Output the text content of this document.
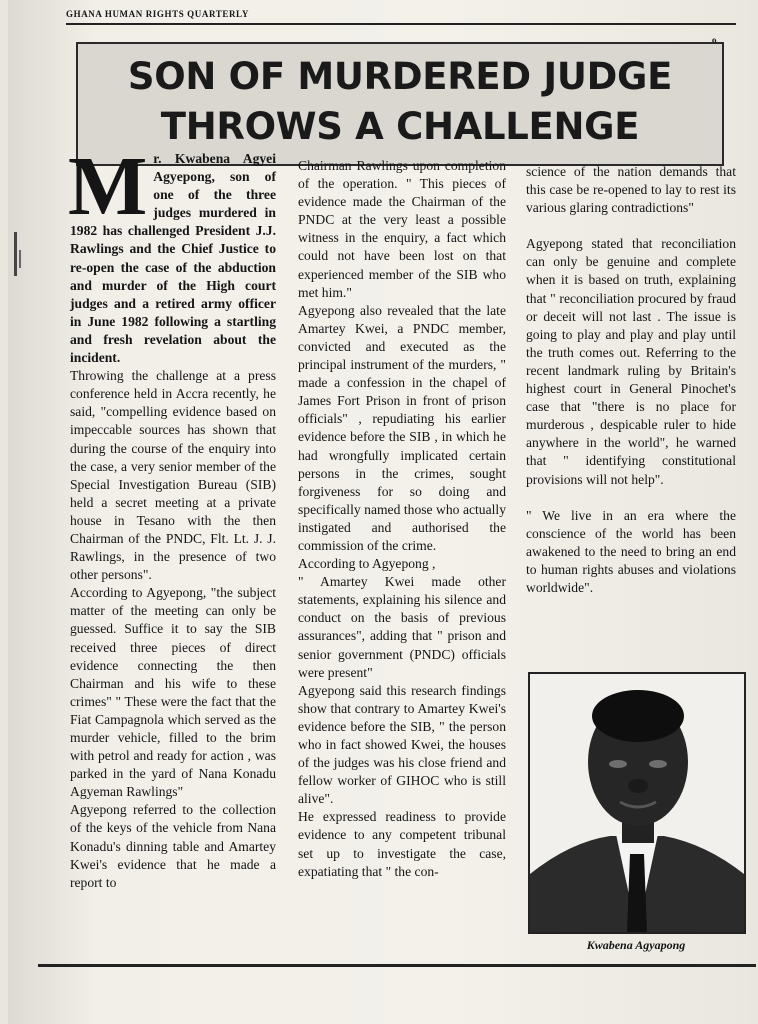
GHANA HUMAN RIGHTS QUARTERLY
SON OF MURDERED JUDGE
THROWS A CHALLENGE

Mr. Kwabena Agyei Agyepong, son of one of the three judges murdered in 1982 has challenged President J.J. Rawlings and the Chief Justice to re-open the case of the abduction and murder of the High court judges and a retired army officer in June 1982 following a startling and fresh revelation about the incident.

Throwing the challenge at a press conference held in Accra recently, he said, "compelling evidence based on impeccable sources has shown that during the course of the enquiry into the case, a very senior member of the Special Investigation Bureau (SIB) held a secret meeting at a private house in Tesano with the then Chairman of the PNDC, Flt. Lt. J. J. Rawlings, in the presence of two other persons".

According to Agyepong, "the subject matter of the meeting can only be guessed. Suffice it to say the SIB received three pieces of direct evidence connecting the then Chairman and his wife to these crimes" " These were the fact that the Fiat Campagnola which served as the murder vehicle, filled to the brim with petrol and ready for action , was parked in the yard of Nana Konadu Agyeman Rawlings"

Agyepong referred to the collection of the keys of the vehicle from Nana Konadu's dinning table and Amartey Kwei's evidence that he made a report to

Chairman Rawlings upon completion of the operation. " This pieces of evidence made the Chairman of the PNDC at the very least a possible witness in the enquiry, a fact which could not have been lost on that experienced member of the SIB who met him."

Agyepong also revealed that the late Amartey Kwei, a PNDC member, convicted and executed as the principal instrument of the murders, " made a confession in the chapel of James Fort Prison in front of prison officials" , repudiating his earlier evidence before the SIB , in which he had wrongfully implicated certain persons in the crimes, sought forgiveness for so doing and specifically named those who actually instigated and authorised the commission of the crime.

According to Agyepong ,

" Amartey Kwei made other statements, explaining his silence and conduct on the basis of previous assurances", adding that " prison and senior government (PNDC) officials were present"

Agyepong said this research findings show that contrary to Amartey Kwei's evidence before the SIB, " the person who in fact showed Kwei, the houses of the judges was his close friend and fellow worker of GIHOC who is still alive".

He expressed readiness to provide evidence to any competent tribunal set up to investigate the case, expatiating that " the con-

science of the nation demands that this case be re-opened to lay to rest its various glaring contradictions"

Agyepong stated that reconciliation can only be genuine and complete when it is based on truth, explaining that " reconciliation procured by fraud or deceit will not last . The issue is going to play and play and play until the truth comes out. Referring to the recent landmark ruling by Britain's highest court in General Pinochet's case that "there is no place for murderous , despicable ruler to hide anywhere in the world", he warned that " identifying constitutional provisions will not help".

" We live in an era where the conscience of the world has been awakened to the need to bring an end to human rights abuses and violations worldwide".

Kwabena Agyapong
